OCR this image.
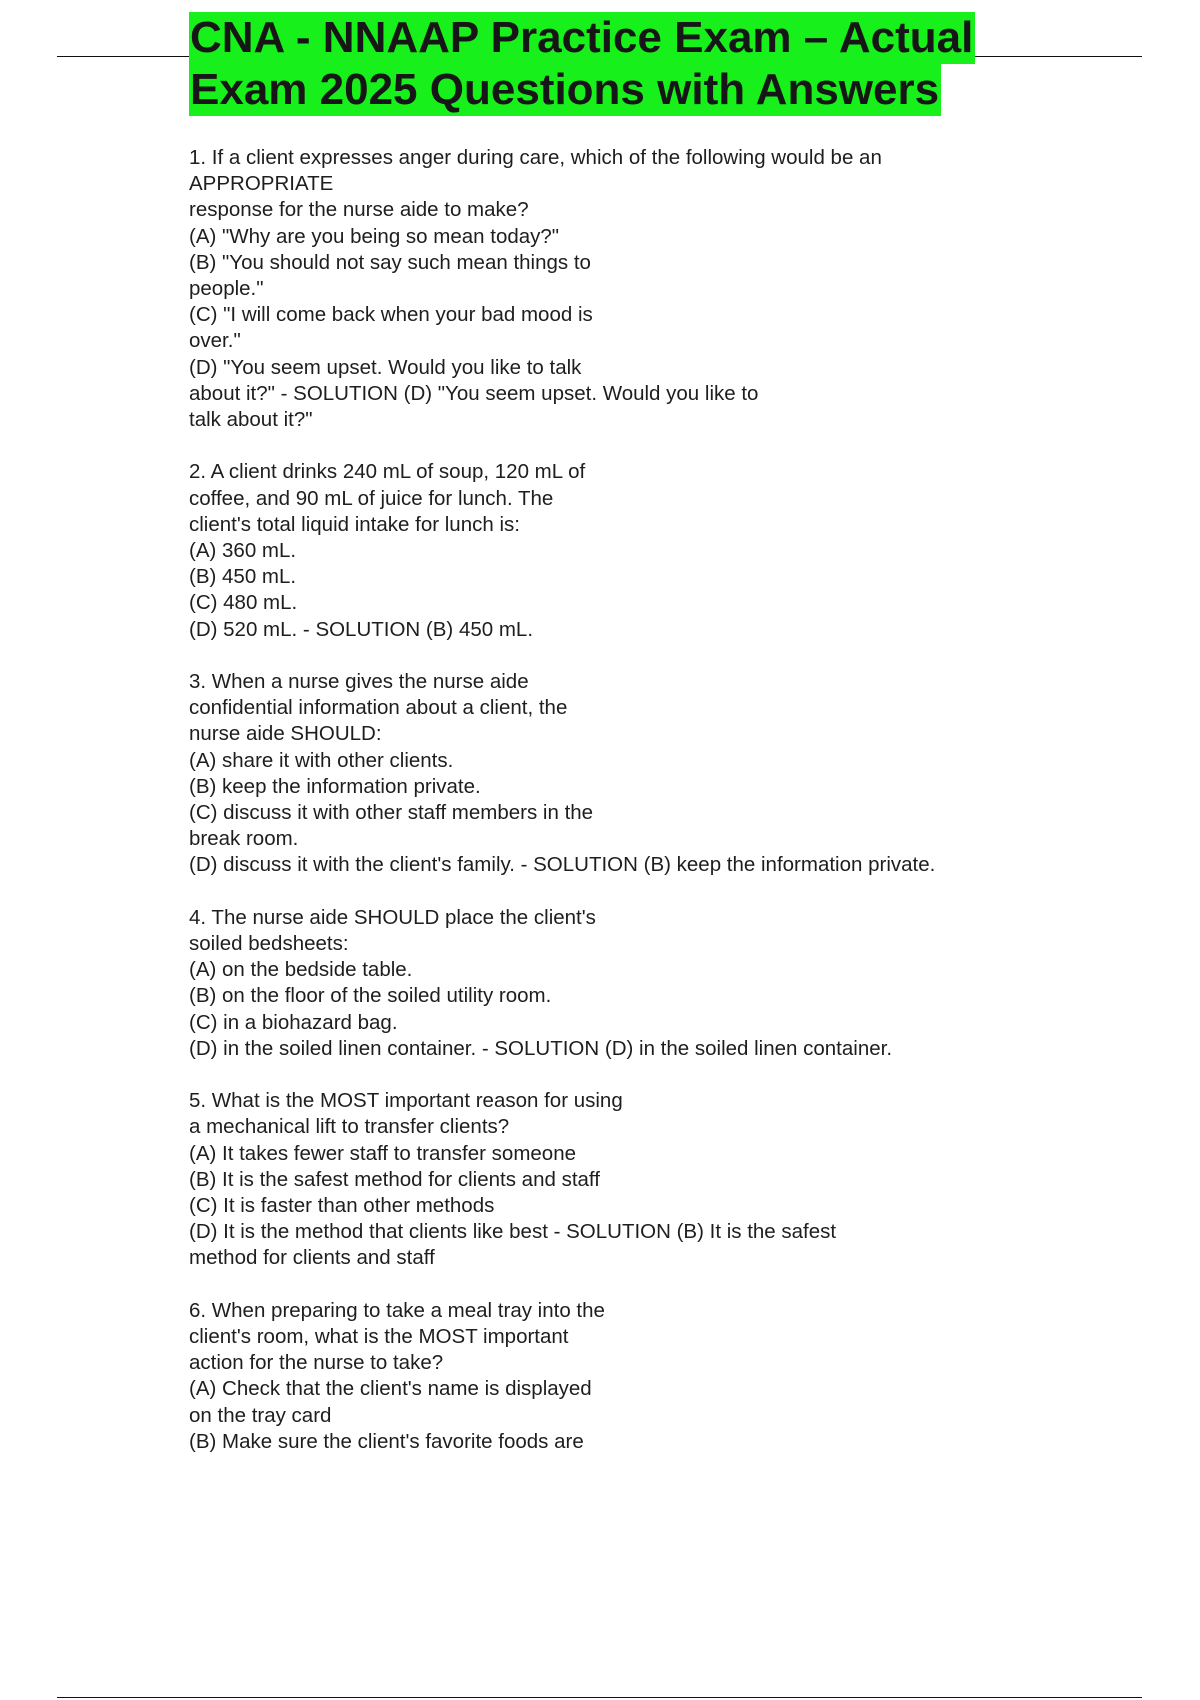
CNA - NNAAP Practice Exam – Actual
Exam 2025 Questions with Answers
1. If a client expresses anger during care, which of the following would be an
APPROPRIATE
response for the nurse aide to make?
(A) "Why are you being so mean today?"
(B) "You should not say such mean things to
people."
(C) "I will come back when your bad mood is
over."
(D) "You seem upset. Would you like to talk
about it?" - SOLUTION (D) "You seem upset. Would you like to
talk about it?"
2. A client drinks 240 mL of soup, 120 mL of
coffee, and 90 mL of juice for lunch. The
client's total liquid intake for lunch is:
(A) 360 mL.
(B) 450 mL.
(C) 480 mL.
(D) 520 mL. - SOLUTION (B) 450 mL.
3. When a nurse gives the nurse aide
confidential information about a client, the
nurse aide SHOULD:
(A) share it with other clients.
(B) keep the information private.
(C) discuss it with other staff members in the
break room.
(D) discuss it with the client's family. - SOLUTION (B) keep the information private.
4. The nurse aide SHOULD place the client's
soiled bedsheets:
(A) on the bedside table.
(B) on the floor of the soiled utility room.
(C) in a biohazard bag.
(D) in the soiled linen container. - SOLUTION (D) in the soiled linen container.
5. What is the MOST important reason for using
a mechanical lift to transfer clients?
(A) It takes fewer staff to transfer someone
(B) It is the safest method for clients and staff
(C) It is faster than other methods
(D) It is the method that clients like best - SOLUTION (B) It is the safest
method for clients and staff
6. When preparing to take a meal tray into the
client's room, what is the MOST important
action for the nurse to take?
(A) Check that the client's name is displayed
on the tray card
(B) Make sure the client's favorite foods are
